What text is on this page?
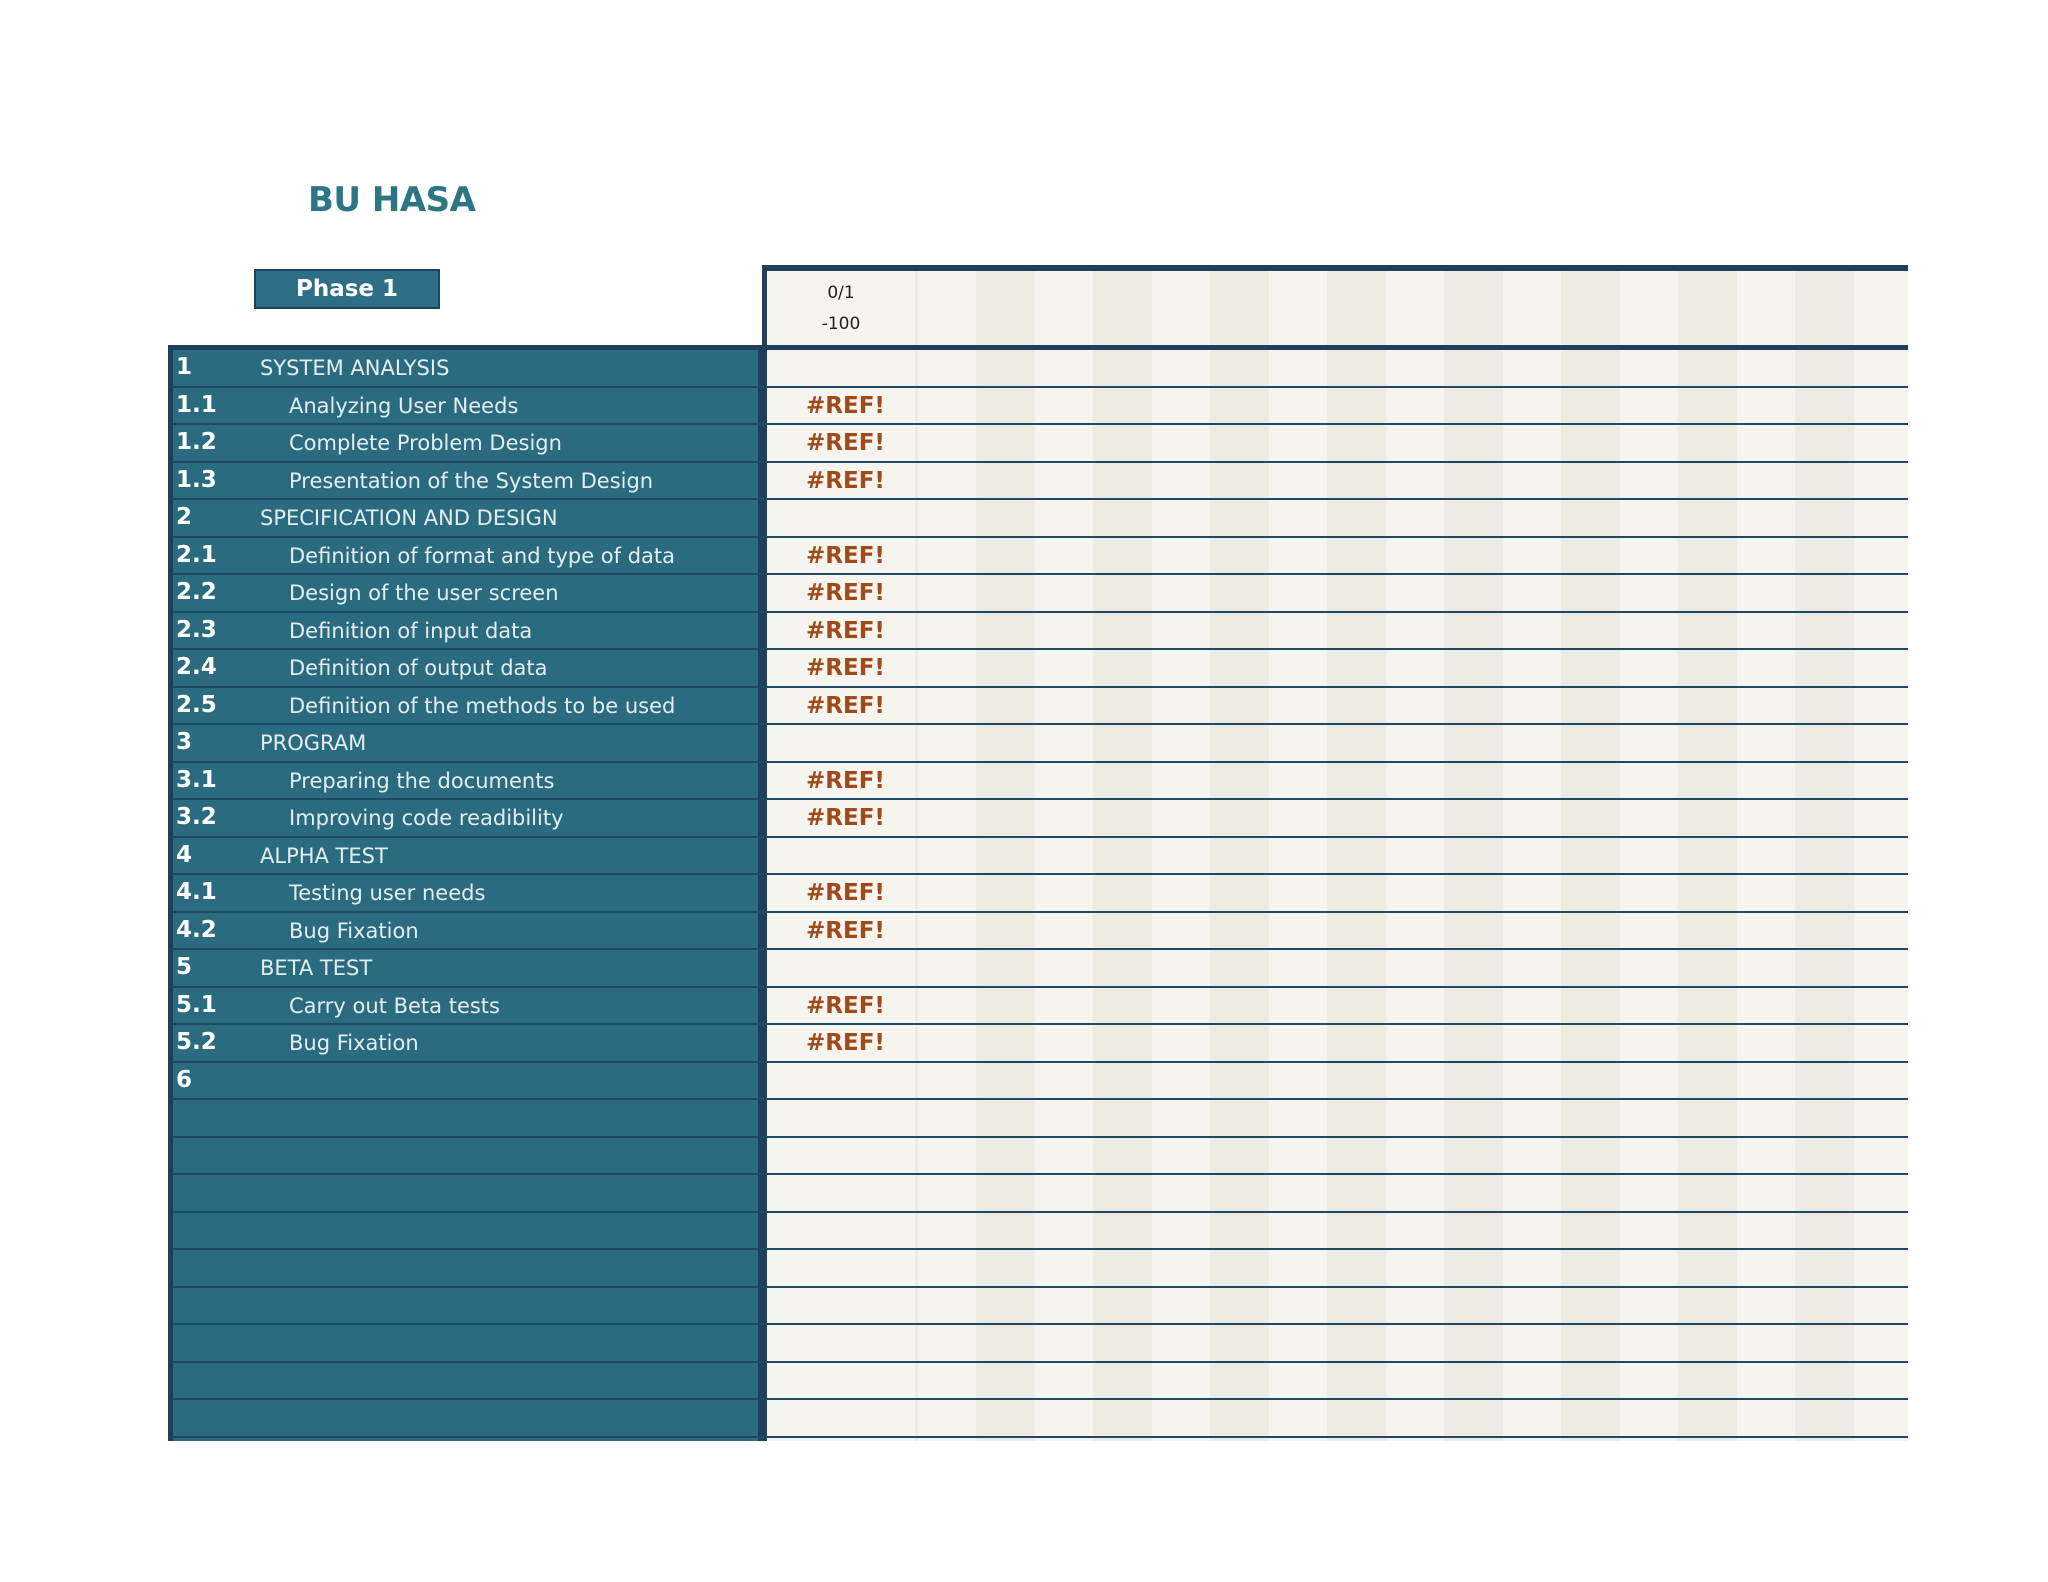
BU HASA
Phase 1	0/1
-100
1	SYSTEM ANALYSIS
1.1	Analyzing User Needs	#REF!
1.2	Complete Problem Design	#REF!
1.3	Presentation of the System Design	#REF!
2	SPECIFICATION AND DESIGN
2.1	Definition of format and type of data	#REF!
2.2	Design of the user screen	#REF!
2.3	Definition of input data	#REF!
2.4	Definition of output data	#REF!
2.5	Definition of the methods to be used	#REF!
3	PROGRAM
3.1	Preparing the documents	#REF!
3.2	Improving code readibility	#REF!
4	ALPHA TEST
4.1	Testing user needs	#REF!
4.2	Bug Fixation	#REF!
5	BETA TEST
5.1	Carry out Beta tests	#REF!
5.2	Bug Fixation	#REF!
6
